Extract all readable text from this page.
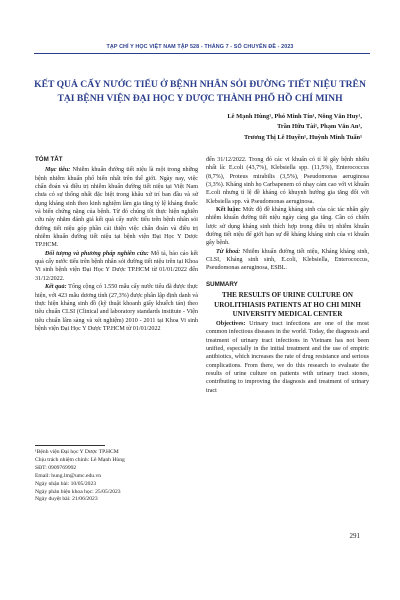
TẠP CHÍ Y HỌC VIỆT NAM TẬP 528 - THÁNG 7 - SỐ CHUYÊN ĐỀ - 2023
KẾT QUẢ CẤY NƯỚC TIỂU Ở BỆNH NHÂN SỎI ĐƯỜNG TIẾT NIỆU TRÊN TẠI BỆNH VIỆN ĐẠI HỌC Y DƯỢC THÀNH PHỐ HỒ CHÍ MINH
Lê Mạnh Hùng¹, Phó Minh Tín¹, Nông Văn Huy¹,
Trần Hữu Tài¹, Phạm Văn An¹,
Trương Thị Lê Huyền¹, Huỳnh Minh Tuấn¹
TÓM TẮT

Mục tiêu: Nhiễm khuẩn đường tiết niệu là một trong những bệnh nhiễm khuẩn phổ biến nhất trên thế giới. Ngày nay, việc chẩn đoán và điều trị nhiễm khuẩn đường tiết niệu tại Việt Nam chưa có sự thống nhất đặc biệt trong khâu xử trí ban đầu và sử dụng kháng sinh theo kinh nghiệm làm gia tăng tỷ lệ kháng thuốc và biến chứng nặng của bệnh. Từ đó chúng tôi thực hiện nghiên cứu này nhằm đánh giá kết quả cấy nước tiểu trên bệnh nhân sỏi đường tiết niệu góp phần cải thiện việc chẩn đoán và điều trị nhiễm khuẩn đường tiết niệu tại bệnh viện Đại Học Y Dược TP.HCM.

Đối tượng và phương pháp nghiên cứu: Mô tả, báo cáo kết quả cấy nước tiểu trên bệnh nhân sỏi đường tiết niệu trên tại Khoa Vi sinh bệnh viện Đại Học Y Dược TP.HCM từ 01/01/2022 đến 31/12/2022.

Kết quả: Tổng cộng có 1.550 mẫu cấy nước tiểu đã được thực hiện, với 423 mẫu dương tính (27,3%) được phân lập định danh và thực hiện kháng sinh đồ (kỹ thuật khoanh giấy khuếch tán) theo tiêu chuẩn CLSI (Clinical and laboratory standards institute - Viện tiêu chuẩn lâm sàng và xét nghiệm) 2010 - 2011 tại Khoa Vi sinh bệnh viện Đại Học Y Dược TP.HCM từ 01/01/2022

¹Bệnh viện Đại học Y Dược TP.HCM
Chịu trách nhiệm chính: Lê Mạnh Hùng
SĐT: 0909769992
Email: hung.lm@umc.edu.vn
Ngày nhận bài: 10/05/2023
Ngày phản biện khoa học: 25/05/2023
Ngày duyệt bài: 21/06/2023

đến 31/12/2022. Trong đó các vi khuẩn có tỉ lệ gây bệnh nhiều nhất là: E.coli (43,7%), Klebsiella spp. (11,5%), Enterococcus (8,7%), Proteus mirabilis (3,5%), Pseudomonas aeruginosa (3,3%). Kháng sinh họ Carbapenem có nhạy cảm cao với vi khuẩn E.coli nhưng tỉ lệ đề kháng có khuynh hướng gia tăng đối với Klebsiella spp. và Pseudomonas aeruginosa.

Kết luận: Mức độ đề kháng kháng sinh của các tác nhân gây nhiễm khuẩn đường tiết niệu ngày càng gia tăng. Cần có chiến lược sử dụng kháng sinh thích hợp trong điều trị nhiễm khuẩn đường tiết niệu để giới hạn sự đề kháng kháng sinh của vi khuẩn gây bệnh.

Từ khoá: Nhiễm khuẩn đường tiết niệu, Kháng kháng sinh, CLSI, Kháng sinh sinh, E.coli, Klebsiella, Enterococcus, Pseudomonas aeruginosa, ESBL.

SUMMARY

THE RESULTS OF URINE CULTURE ON UROLITHIASIS PATIENTS AT HO CHI MINH UNIVERSITY MEDICAL CENTER

Objectives: Urinary tract infections are one of the most common infectious diseases in the world. Today, the diagnosis and treatment of urinary tract infections in Vietnam has not been unified, especially in the initial treatment and the use of empiric antibiotics, which increases the rate of drug resistance and serious complications. From there, we do this research to evaluate the results of urine culture on patients with urinary tract stones, contributing to improving the diagnosis and treatment of urinary tract

291
